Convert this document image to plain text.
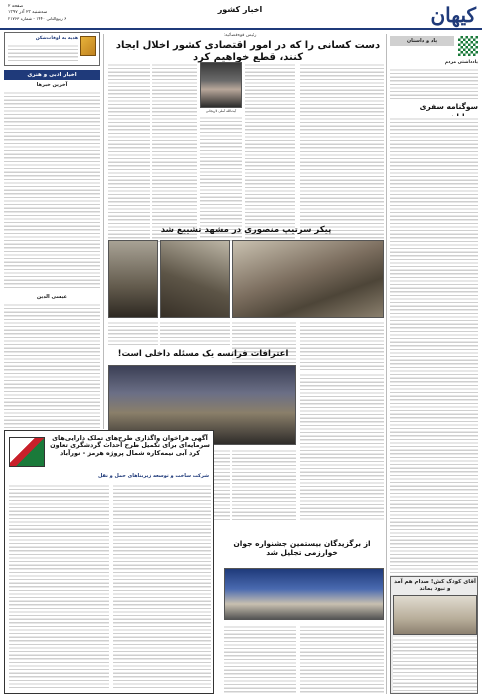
کیهان
اخبار کشور
صفحه ۲
سه‌شنبه ۲۳ آذر ۱۳۹۷
۶ ربیع‌الثانی ۱۴۴۰ - شماره ۲۱۷۶۳
پاد و داستان
یادداشتی مردم
سوگنامه سفری
رئیس قوه‌قضائیه:
دست کسانی را که در امور اقتصادی کشور اخلال ایجاد کنند، قطع خواهیم کرد
آیت‌الله آملی لاریجانی
پیکر سرتیپ منصوری در مشهد تشییع شد
اعترافات فرانسه یک مسئله داخلی است!
از برگزیدگان بیستمین جشنواره جوان خوارزمی تجلیل شد
هدیه به اوقات‌شکن
اخبار ادبی و هنری
آخرین خبرها
عیسی الدین
آگهی فراخوان واگذاری طرح‌های تملک دارایی‌های سرمایه‌ای برای تکمیل طرح احداث گردشگری تعاون کرد آبی نیمه‌کاره شمال پروژه هرمز - نورآباد
شرکت ساخت و توسعه زیربناهای حمل و نقل
آقای کودک کش! صدام هم آمد و نبود بماند
